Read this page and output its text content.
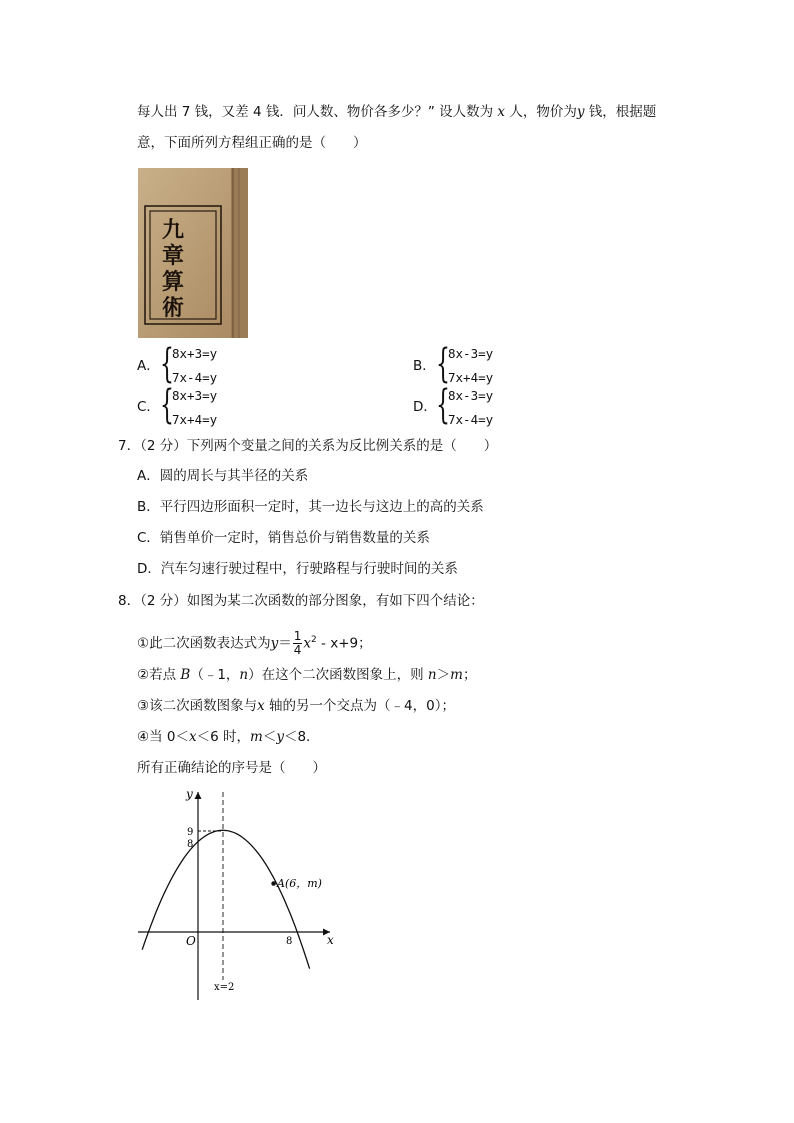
每人出 7 钱，又差 4 钱．问人数、物价各多少？” 设人数为 x 人，物价为y 钱，根据题
意，下面所列方程组正确的是（　　）
九
章
算
術
A． {
8x+3=y
7x-4=y
B． {
8x-3=y
7x+4=y
C． {
8x+3=y
7x+4=y
D． {
8x-3=y
7x-4=y
7．（2 分）下列两个变量之间的关系为反比例关系的是（　　）
A．圆的周长与其半径的关系
B．平行四边形面积一定时，其一边长与这边上的高的关系
C．销售单价一定时，销售总价与销售数量的关系
D．汽车匀速行驶过程中，行驶路程与行驶时间的关系
8．（2 分）如图为某二次函数的部分图象，有如下四个结论：
①此二次函数表达式为$y= \frac{1}{4} x^2 - x+9$；
②若点 B（﹣1，n）在这个二次函数图象上，则 n＞m；
③该二次函数图象与x 轴的另一个交点为（﹣4，0）；
④当 0＜x＜6 时，m＜y＜8．
所有正确结论的序号是（　　）
y
x
O
9
8
8
x=2
A(6，m)
